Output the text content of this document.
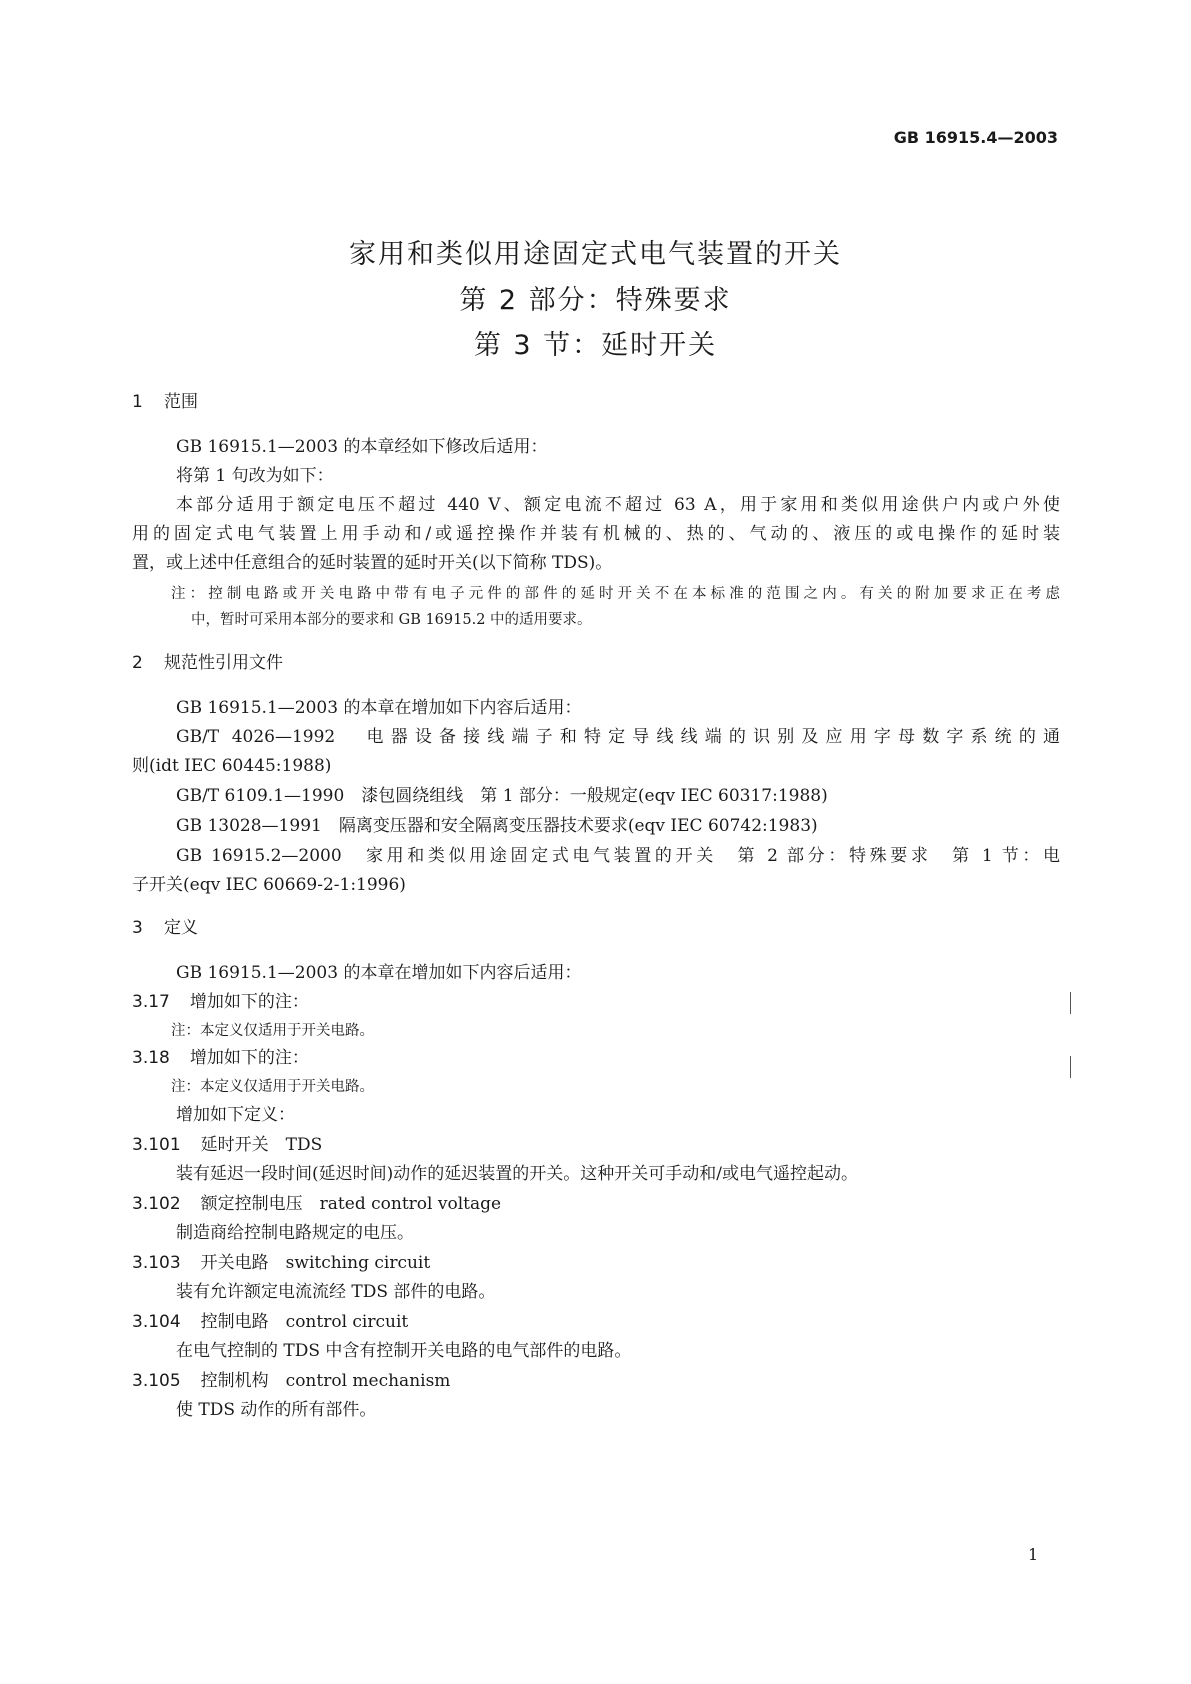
GB 16915.4—2003
家用和类似用途固定式电气装置的开关
第 2 部分：特殊要求
第 3 节：延时开关
1 范围
GB 16915.1—2003 的本章经如下修改后适用：
将第 1 句改为如下：
本部分适用于额定电压不超过 440 V、额定电流不超过 63 A，用于家用和类似用途供户内或户外使
用的固定式电气装置上用手动和/或遥控操作并装有机械的、热的、气动的、液压的或电操作的延时装
置，或上述中任意组合的延时装置的延时开关(以下简称 TDS)。
注：控制电路或开关电路中带有电子元件的部件的延时开关不在本标准的范围之内。有关的附加要求正在考虑
中，暂时可采用本部分的要求和 GB 16915.2 中的适用要求。
2 规范性引用文件
GB 16915.1—2003 的本章在增加如下内容后适用：
GB/T 4026—1992　电器设备接线端子和特定导线线端的识别及应用字母数字系统的通
则(idt IEC 60445:1988)
GB/T 6109.1—1990　漆包圆绕组线　第 1 部分：一般规定(eqv IEC 60317:1988)
GB 13028—1991　隔离变压器和安全隔离变压器技术要求(eqv IEC 60742:1983)
GB 16915.2—2000　家用和类似用途固定式电气装置的开关　第 2 部分：特殊要求　第 1 节：电
子开关(eqv IEC 60669-2-1:1996)
3 定义
GB 16915.1—2003 的本章在增加如下内容后适用：
3.17 增加如下的注：
注：本定义仅适用于开关电路。
3.18 增加如下的注：
注：本定义仅适用于开关电路。
增加如下定义：
3.101 延时开关　TDS
装有延迟一段时间(延迟时间)动作的延迟装置的开关。这种开关可手动和/或电气遥控起动。
3.102 额定控制电压　rated control voltage
制造商给控制电路规定的电压。
3.103 开关电路　switching circuit
装有允许额定电流流经 TDS 部件的电路。
3.104 控制电路　control circuit
在电气控制的 TDS 中含有控制开关电路的电气部件的电路。
3.105 控制机构　control mechanism
使 TDS 动作的所有部件。
1
